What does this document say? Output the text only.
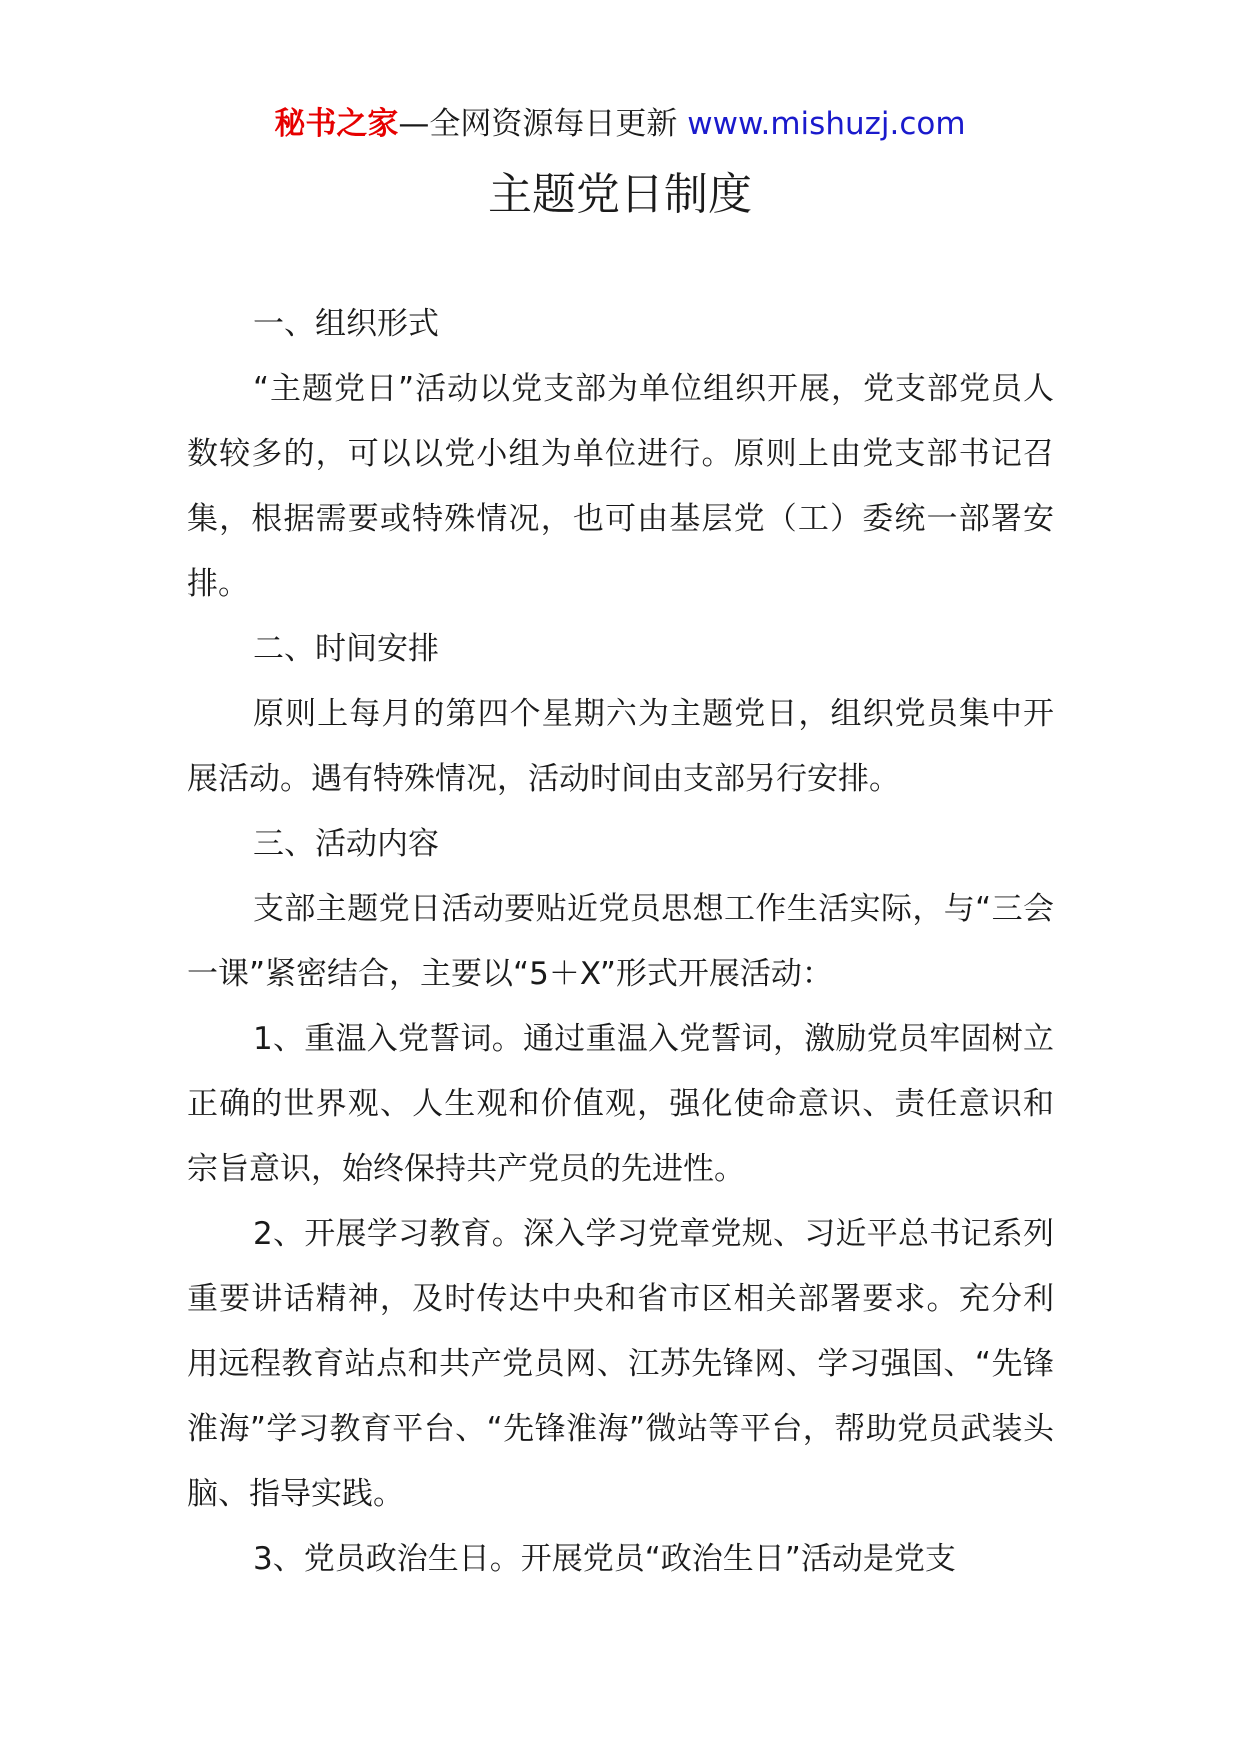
秘书之家—全网资源每日更新 www.mishuzj.com
主题党日制度

一、组织形式

“主题党日”活动以党支部为单位组织开展，党支部党员人数较多的，可以以党小组为单位进行。原则上由党支部书记召集，根据需要或特殊情况，也可由基层党（工）委统一部署安排。

二、时间安排

原则上每月的第四个星期六为主题党日，组织党员集中开展活动。遇有特殊情况，活动时间由支部另行安排。

三、活动内容

支部主题党日活动要贴近党员思想工作生活实际，与“三会一课”紧密结合，主要以“5＋X”形式开展活动：

1、重温入党誓词。通过重温入党誓词，激励党员牢固树立正确的世界观、人生观和价值观，强化使命意识、责任意识和宗旨意识，始终保持共产党员的先进性。

2、开展学习教育。深入学习党章党规、习近平总书记系列重要讲话精神，及时传达中央和省市区相关部署要求。充分利用远程教育站点和共产党员网、江苏先锋网、学习强国、“先锋淮海”学习教育平台、“先锋淮海”微站等平台，帮助党员武装头脑、指导实践。

3、党员政治生日。开展党员“政治生日”活动是党支
